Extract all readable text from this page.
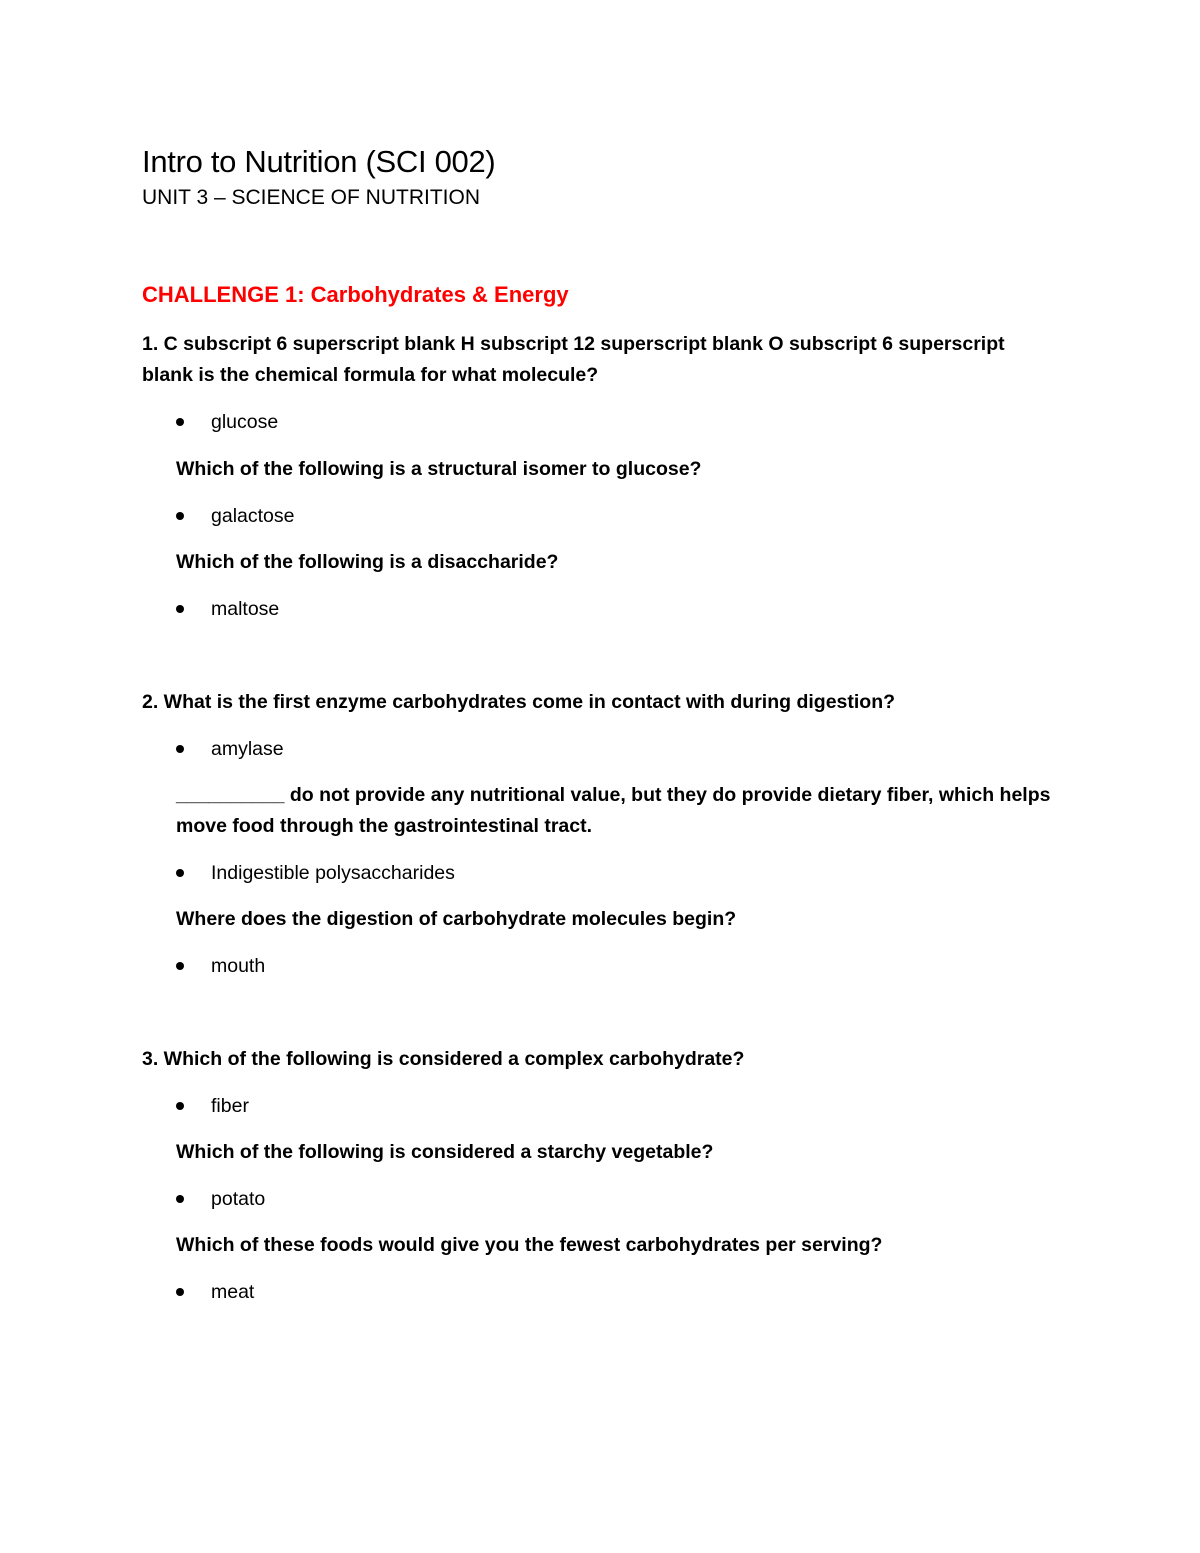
Intro to Nutrition (SCI 002)
UNIT 3 – SCIENCE OF NUTRITION
CHALLENGE 1: Carbohydrates & Energy
1. C subscript 6 superscript blank H subscript 12 superscript blank O subscript 6 superscript blank is the chemical formula for what molecule?
glucose
Which of the following is a structural isomer to glucose?
galactose
Which of the following is a disaccharide?
maltose
2. What is the first enzyme carbohydrates come in contact with during digestion?
amylase
__________ do not provide any nutritional value, but they do provide dietary fiber, which helps move food through the gastrointestinal tract.
Indigestible polysaccharides
Where does the digestion of carbohydrate molecules begin?
mouth
3. Which of the following is considered a complex carbohydrate?
fiber
Which of the following is considered a starchy vegetable?
potato
Which of these foods would give you the fewest carbohydrates per serving?
meat
